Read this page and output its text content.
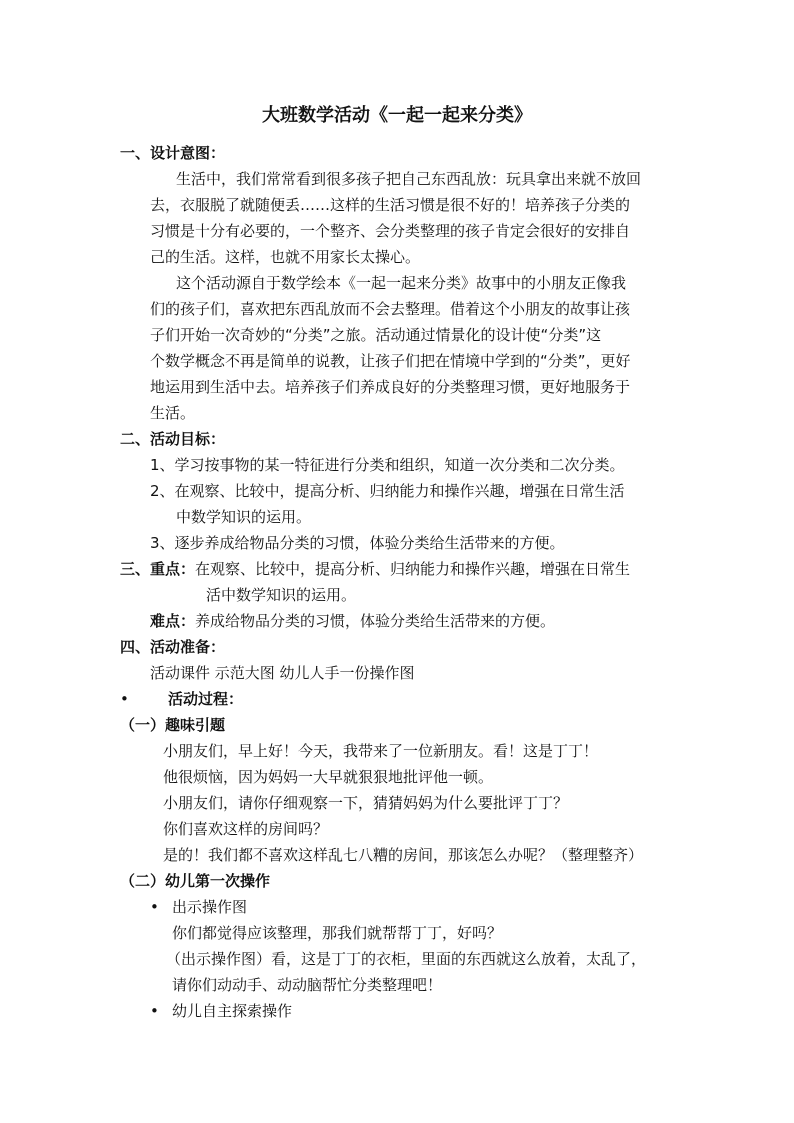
大班数学活动《一起一起来分类》
一、设计意图：
生活中，我们常常看到很多孩子把自己东西乱放：玩具拿出来就不放回
去，衣服脱了就随便丢……这样的生活习惯是很不好的！培养孩子分类的
习惯是十分有必要的，一个整齐、会分类整理的孩子肯定会很好的安排自
己的生活。这样，也就不用家长太操心。
这个活动源自于数学绘本《一起一起来分类》故事中的小朋友正像我
们的孩子们，喜欢把东西乱放而不会去整理。借着这个小朋友的故事让孩
子们开始一次奇妙的“分类”之旅。活动通过情景化的设计使“分类”这
个数学概念不再是简单的说教，让孩子们把在情境中学到的“分类”，更好
地运用到生活中去。培养孩子们养成良好的分类整理习惯，更好地服务于
生活。
二、活动目标：
1、学习按事物的某一特征进行分类和组织，知道一次分类和二次分类。
2、在观察、比较中，提高分析、归纳能力和操作兴趣，增强在日常生活
中数学知识的运用。
3、逐步养成给物品分类的习惯，体验分类给生活带来的方便。
三、重点：在观察、比较中，提高分析、归纳能力和操作兴趣，增强在日常生
活中数学知识的运用。
难点：养成给物品分类的习惯，体验分类给生活带来的方便。
四、活动准备：
活动课件 示范大图 幼儿人手一份操作图
•	活动过程：
（一）趣味引题
小朋友们，早上好！今天，我带来了一位新朋友。看！这是丁丁！
他很烦恼，因为妈妈一大早就狠狠地批评他一顿。
小朋友们，请你仔细观察一下，猜猜妈妈为什么要批评丁丁？
你们喜欢这样的房间吗？
是的！我们都不喜欢这样乱七八糟的房间，那该怎么办呢？（整理整齐）
（二）幼儿第一次操作
• 出示操作图
你们都觉得应该整理，那我们就帮帮丁丁，好吗？
（出示操作图）看，这是丁丁的衣柜，里面的东西就这么放着，太乱了，
请你们动动手、动动脑帮忙分类整理吧！
• 幼儿自主探索操作
